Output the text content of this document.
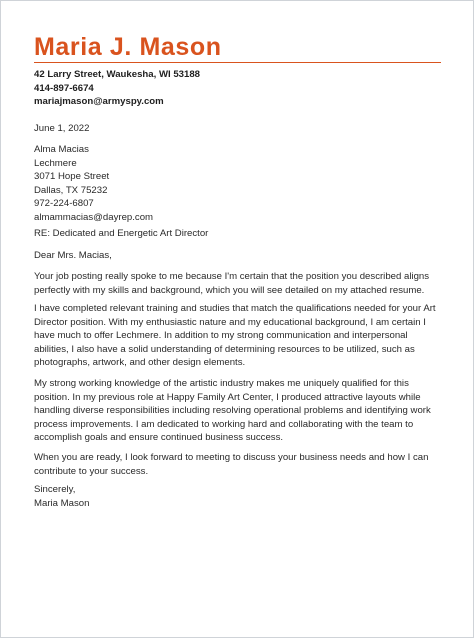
Maria J. Mason
42 Larry Street, Waukesha, WI 53188
414-897-6674
mariajmason@armyspy.com
June 1, 2022
Alma Macias
Lechmere
3071 Hope Street
Dallas, TX 75232
972-224-6807
almammacias@dayrep.com
RE: Dedicated and Energetic Art Director
Dear Mrs. Macias,
Your job posting really spoke to me because I'm certain that the position you described aligns
perfectly with my skills and background, which you will see detailed on my attached resume.
I have completed relevant training and studies that match the qualifications needed for your Art
Director position. With my enthusiastic nature and my educational background, I am certain I
have much to offer Lechmere. In addition to my strong communication and interpersonal
abilities, I also have a solid understanding of determining resources to be utilized, such as
photographs, artwork, and other design elements.
My strong working knowledge of the artistic industry makes me uniquely qualified for this
position. In my previous role at Happy Family Art Center, I produced attractive layouts while
handling diverse responsibilities including resolving operational problems and identifying work
process improvements. I am dedicated to working hard and collaborating with the team to
accomplish goals and ensure continued business success.
When you are ready, I look forward to meeting to discuss your business needs and how I can
contribute to your success.
Sincerely,
Maria Mason
